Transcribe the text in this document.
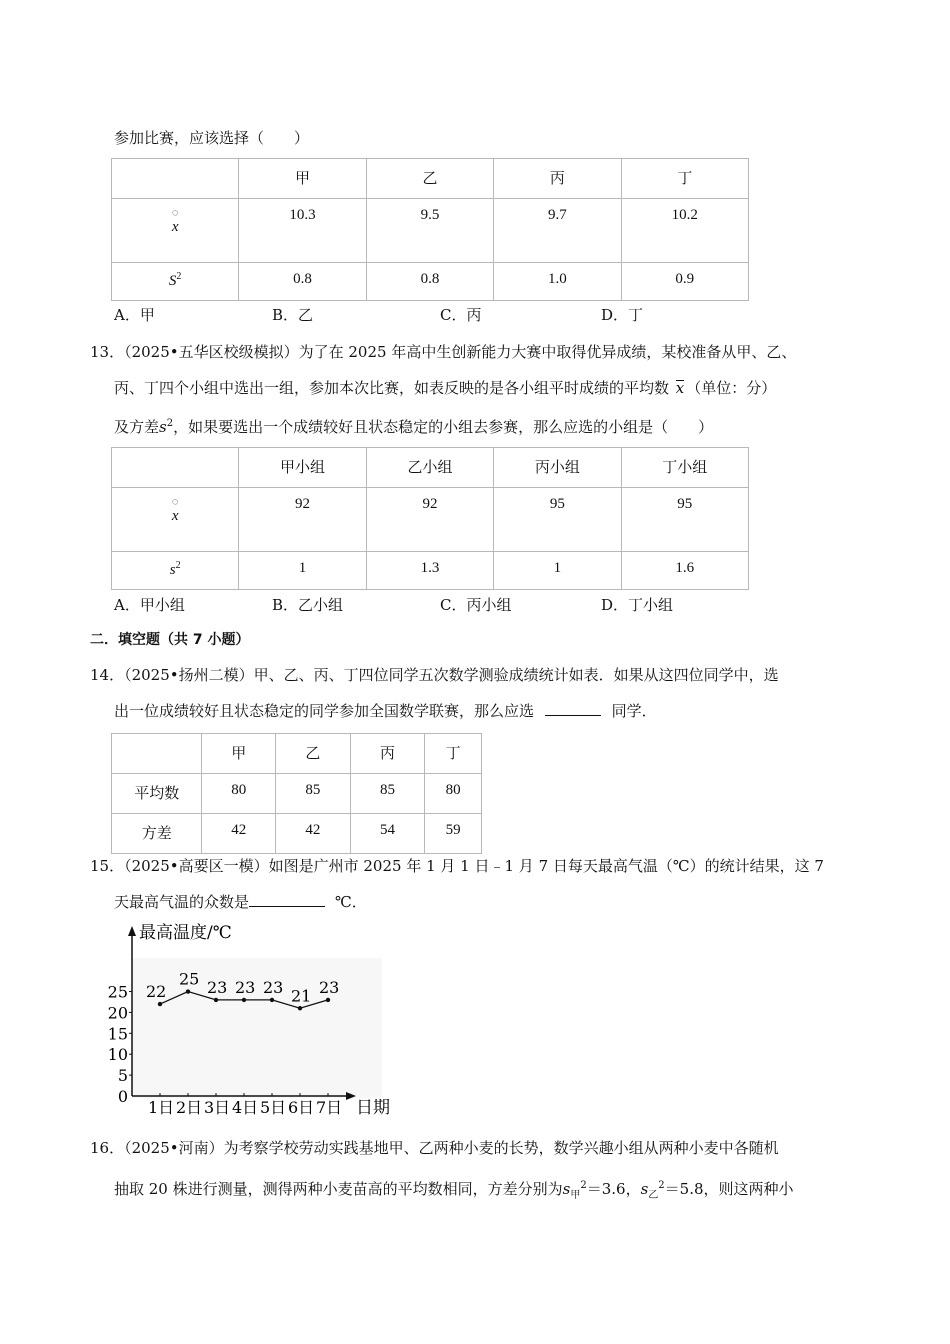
参加比赛，应该选择（　　）
	甲	乙	丙	丁

◌
x	10.3	9.5	9.7	10.2
$S^2$	0.8	0.8	1.0	0.9
A．甲	B．乙	C．丙	D．丁
13．（2025•五华区校级模拟）为了在 2025 年高中生创新能力大赛中取得优异成绩，某校准备从甲、乙、
丙、丁四个小组中选出一组，参加本次比赛，如表反映的是各小组平时成绩的平均数 x （单位：分）
及方差$s^2$，如果要选出一个成绩较好且状态稳定的小组去参赛，那么应选的小组是（　　）
	甲小组	乙小组	丙小组	丁小组

◌
x	92	92	95	95
$s^2$	1	1.3	1	1.6
A．甲小组	B．乙小组	C．丙小组	D．丁小组
二．填空题（共 7 小题）
14．（2025•扬州二模）甲、乙、丙、丁四位同学五次数学测验成绩统计如表．如果从这四位同学中，选
出一位成绩较好且状态稳定的同学参加全国数学联赛，那么应选	同学．
	甲	乙	丙	丁
平均数	80	85	85	80
方差	42	42	54	59
15．（2025•高要区一模）如图是广州市 2025 年 1 月 1 日﹣1 月 7 日每天最高气温（℃）的统计结果，这 7
天最高气温的众数是	℃．
最高温度/℃
日期
0
5
10
15
20
25
1日 2日 3日 4日 5日 6日 7日
22
25 23 23 23 21 23
16．（2025•河南）为考察学校劳动实践基地甲、乙两种小麦的长势，数学兴趣小组从两种小麦中各随机
抽取 20 株进行测量，测得两种小麦苗高的平均数相同，方差分别为$s_甲^2=3.6$，$s_乙^2=5.8$，则这两种小
